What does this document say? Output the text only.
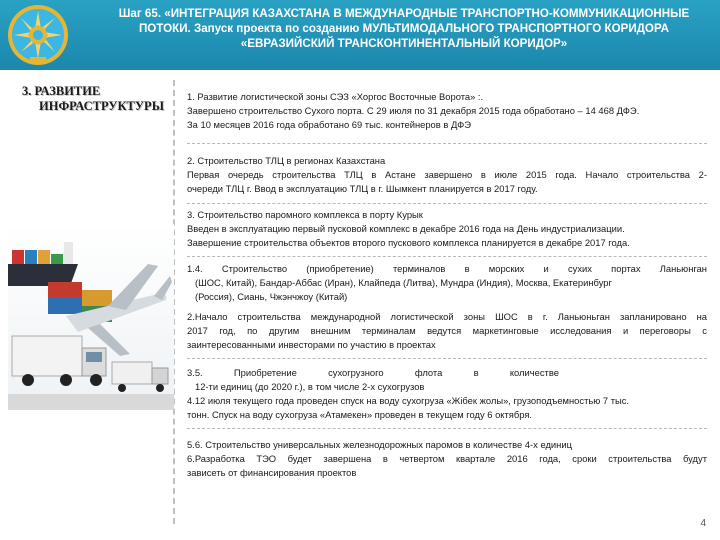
Шаг 65. «ИНТЕГРАЦИЯ КАЗАХСТАНА В МЕЖДУНАРОДНЫЕ ТРАНСПОРТНО-КОММУНИКАЦИОННЫЕ
ПОТОКИ. Запуск проекта по созданию МУЛЬТИМОДАЛЬНОГО ТРАНСПОРТНОГО КОРИДОРА
«ЕВРАЗИЙСКИЙ ТРАНСКОНТИНЕНТАЛЬНЫЙ КОРИДОР»
3. РАЗВИТИЕ
ИНФРАСТРУКТУРЫ

1. Развитие логистической зоны СЭЗ «Хоргос Восточные Ворота» :.

Завершено строительство Сухого порта. С 29 июля по 31 декабря 2015 года обработано – 14 468 ДФЭ.

За 10 месяцев 2016 года обработано 69 тыс. контейнеров в ДФЭ

2. Строительство ТЛЦ в регионах Казахстана

Первая очередь строительства ТЛЦ в Астане завершено в июле 2015 года. Начало строительства 2-

очереди ТЛЦ г. Ввод в эксплуатацию ТЛЦ в г. Шымкент планируется в 2017 году.

3. Строительство паромного комплекса в порту Курык

Введен в эксплуатацию первый пусковой комплекс в декабре 2016 года на День индустриализации.

Завершение строительства объектов второго пускового комплекса планируется в декабре 2017 года.

1.4. Строительство (приобретение) терминалов в морских и сухих портах Ланьюнган

(ШОС, Китай), Бандар-Аббас (Иран), Клайпеда (Литва), Мундра (Индия), Москва, Екатеринбург

(Россия), Сиань, Чжэнчжоу (Китай)

2.Начало строительства международной логистической зоны ШОС в г. Ланьюньган запланировано на

2017 год, по другим внешним терминалам ведутся маркетинговые исследования и переговоры с

заинтересованными инвесторами по участию в проектах

3.5.            Приобретение            сухогрузного            флота            в            количестве

12-ти единиц (до 2020 г.), в том числе 2-х сухогрузов

4.12 июля текущего года проведен спуск на воду сухогруза «Жібек жолы», грузоподъемностью 7 тыс.

тонн. Спуск на воду сухогруза «Атамекен» проведен в текущем году 6 октября.

5.6. Строительство универсальных железнодорожных паромов в количестве 4-х единиц

6.Разработка ТЭО будет завершена в четвертом квартале 2016 года, сроки строительства будут

зависеть от финансирования проектов

4
